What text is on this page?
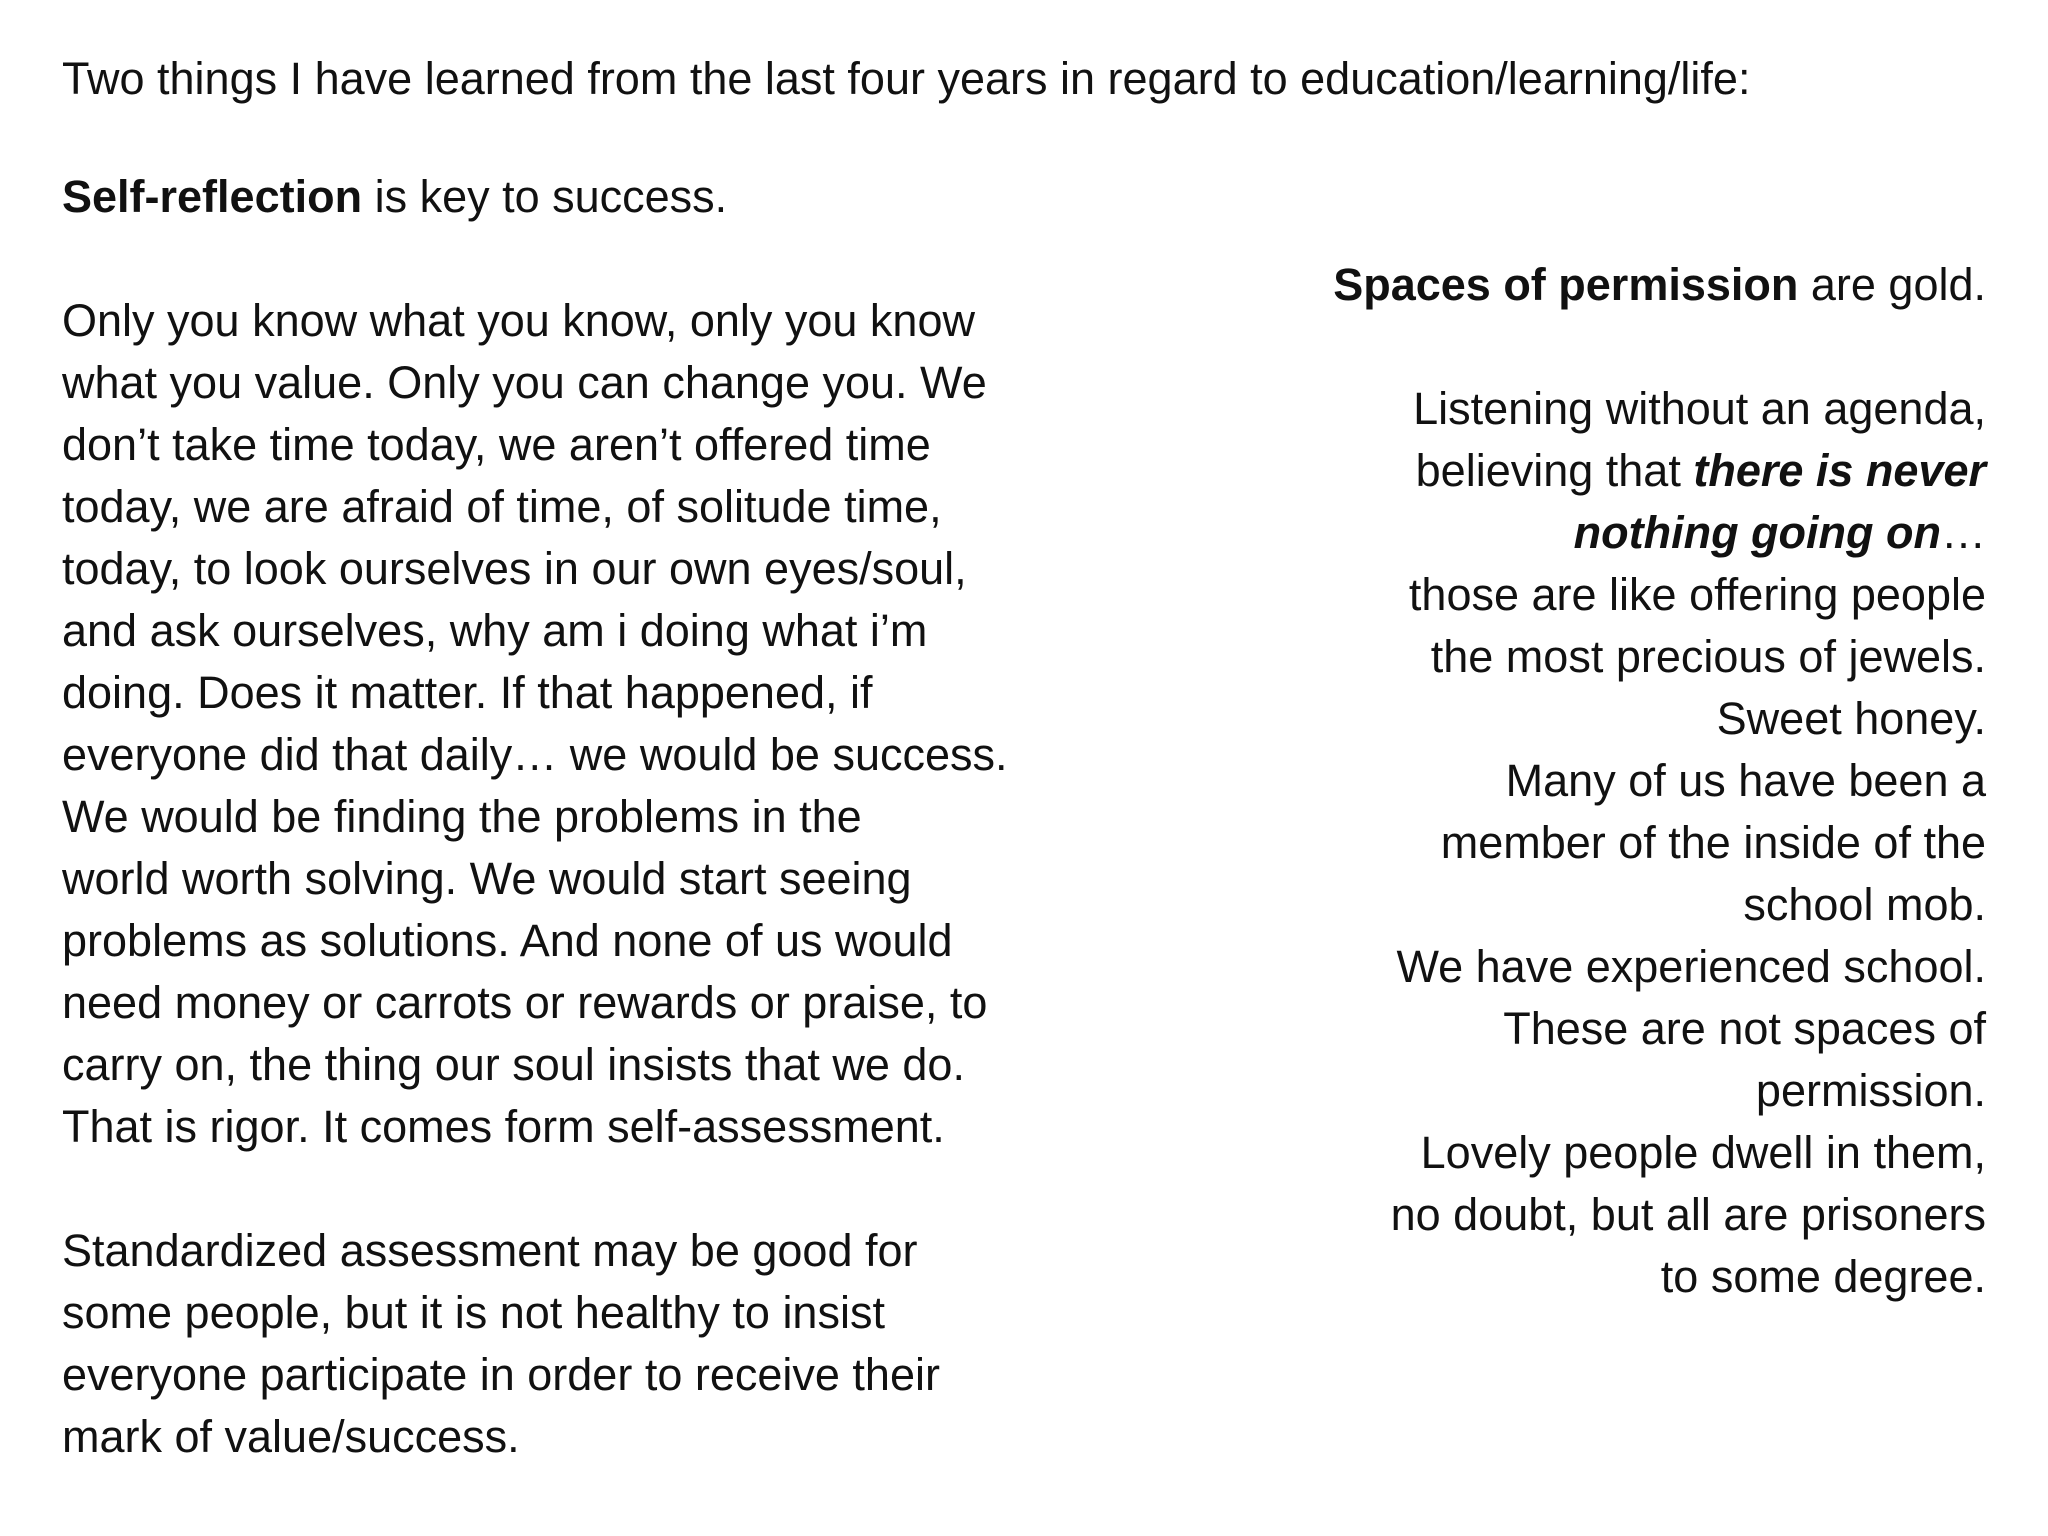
Two things I have learned from the last four years in regard to education/learning/life:

Self-reflection is key to success.

Only you know what you know, only you know
what you value. Only you can change you. We
don’t take time today, we aren’t offered time
today, we are afraid of time, of solitude time,
today, to look ourselves in our own eyes/soul,
and ask ourselves, why am i doing what i’m
doing. Does it matter. If that happened, if
everyone did that daily… we would be success.
We would be finding the problems in the
world worth solving. We would start seeing
problems as solutions. And none of us would
need money or carrots or rewards or praise, to
carry on, the thing our soul insists that we do.
That is rigor. It comes form self-assessment.

Standardized assessment may be good for
some people, but it is not healthy to insist
everyone participate in order to receive their
mark of value/success.

Spaces of permission are gold.

Listening without an agenda,
believing that there is never
nothing going on…
those are like offering people
the most precious of jewels.
Sweet honey.
Many of us have been a
member of the inside of the
school mob.
We have experienced school.
These are not spaces of
permission.
Lovely people dwell in them,
no doubt, but all are prisoners
to some degree.
